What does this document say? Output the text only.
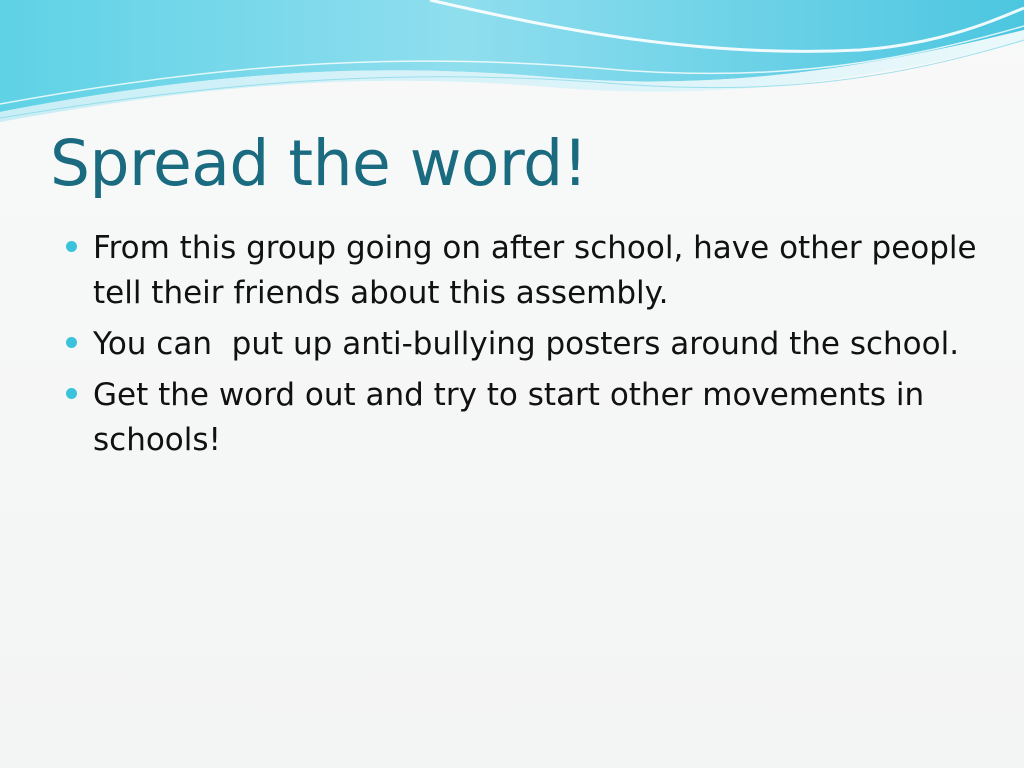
Spread the word!
From this group going on after school, have other people tell their friends about this assembly.
You can  put up anti-bullying posters around the school.
Get the word out and try to start other movements in schools!
